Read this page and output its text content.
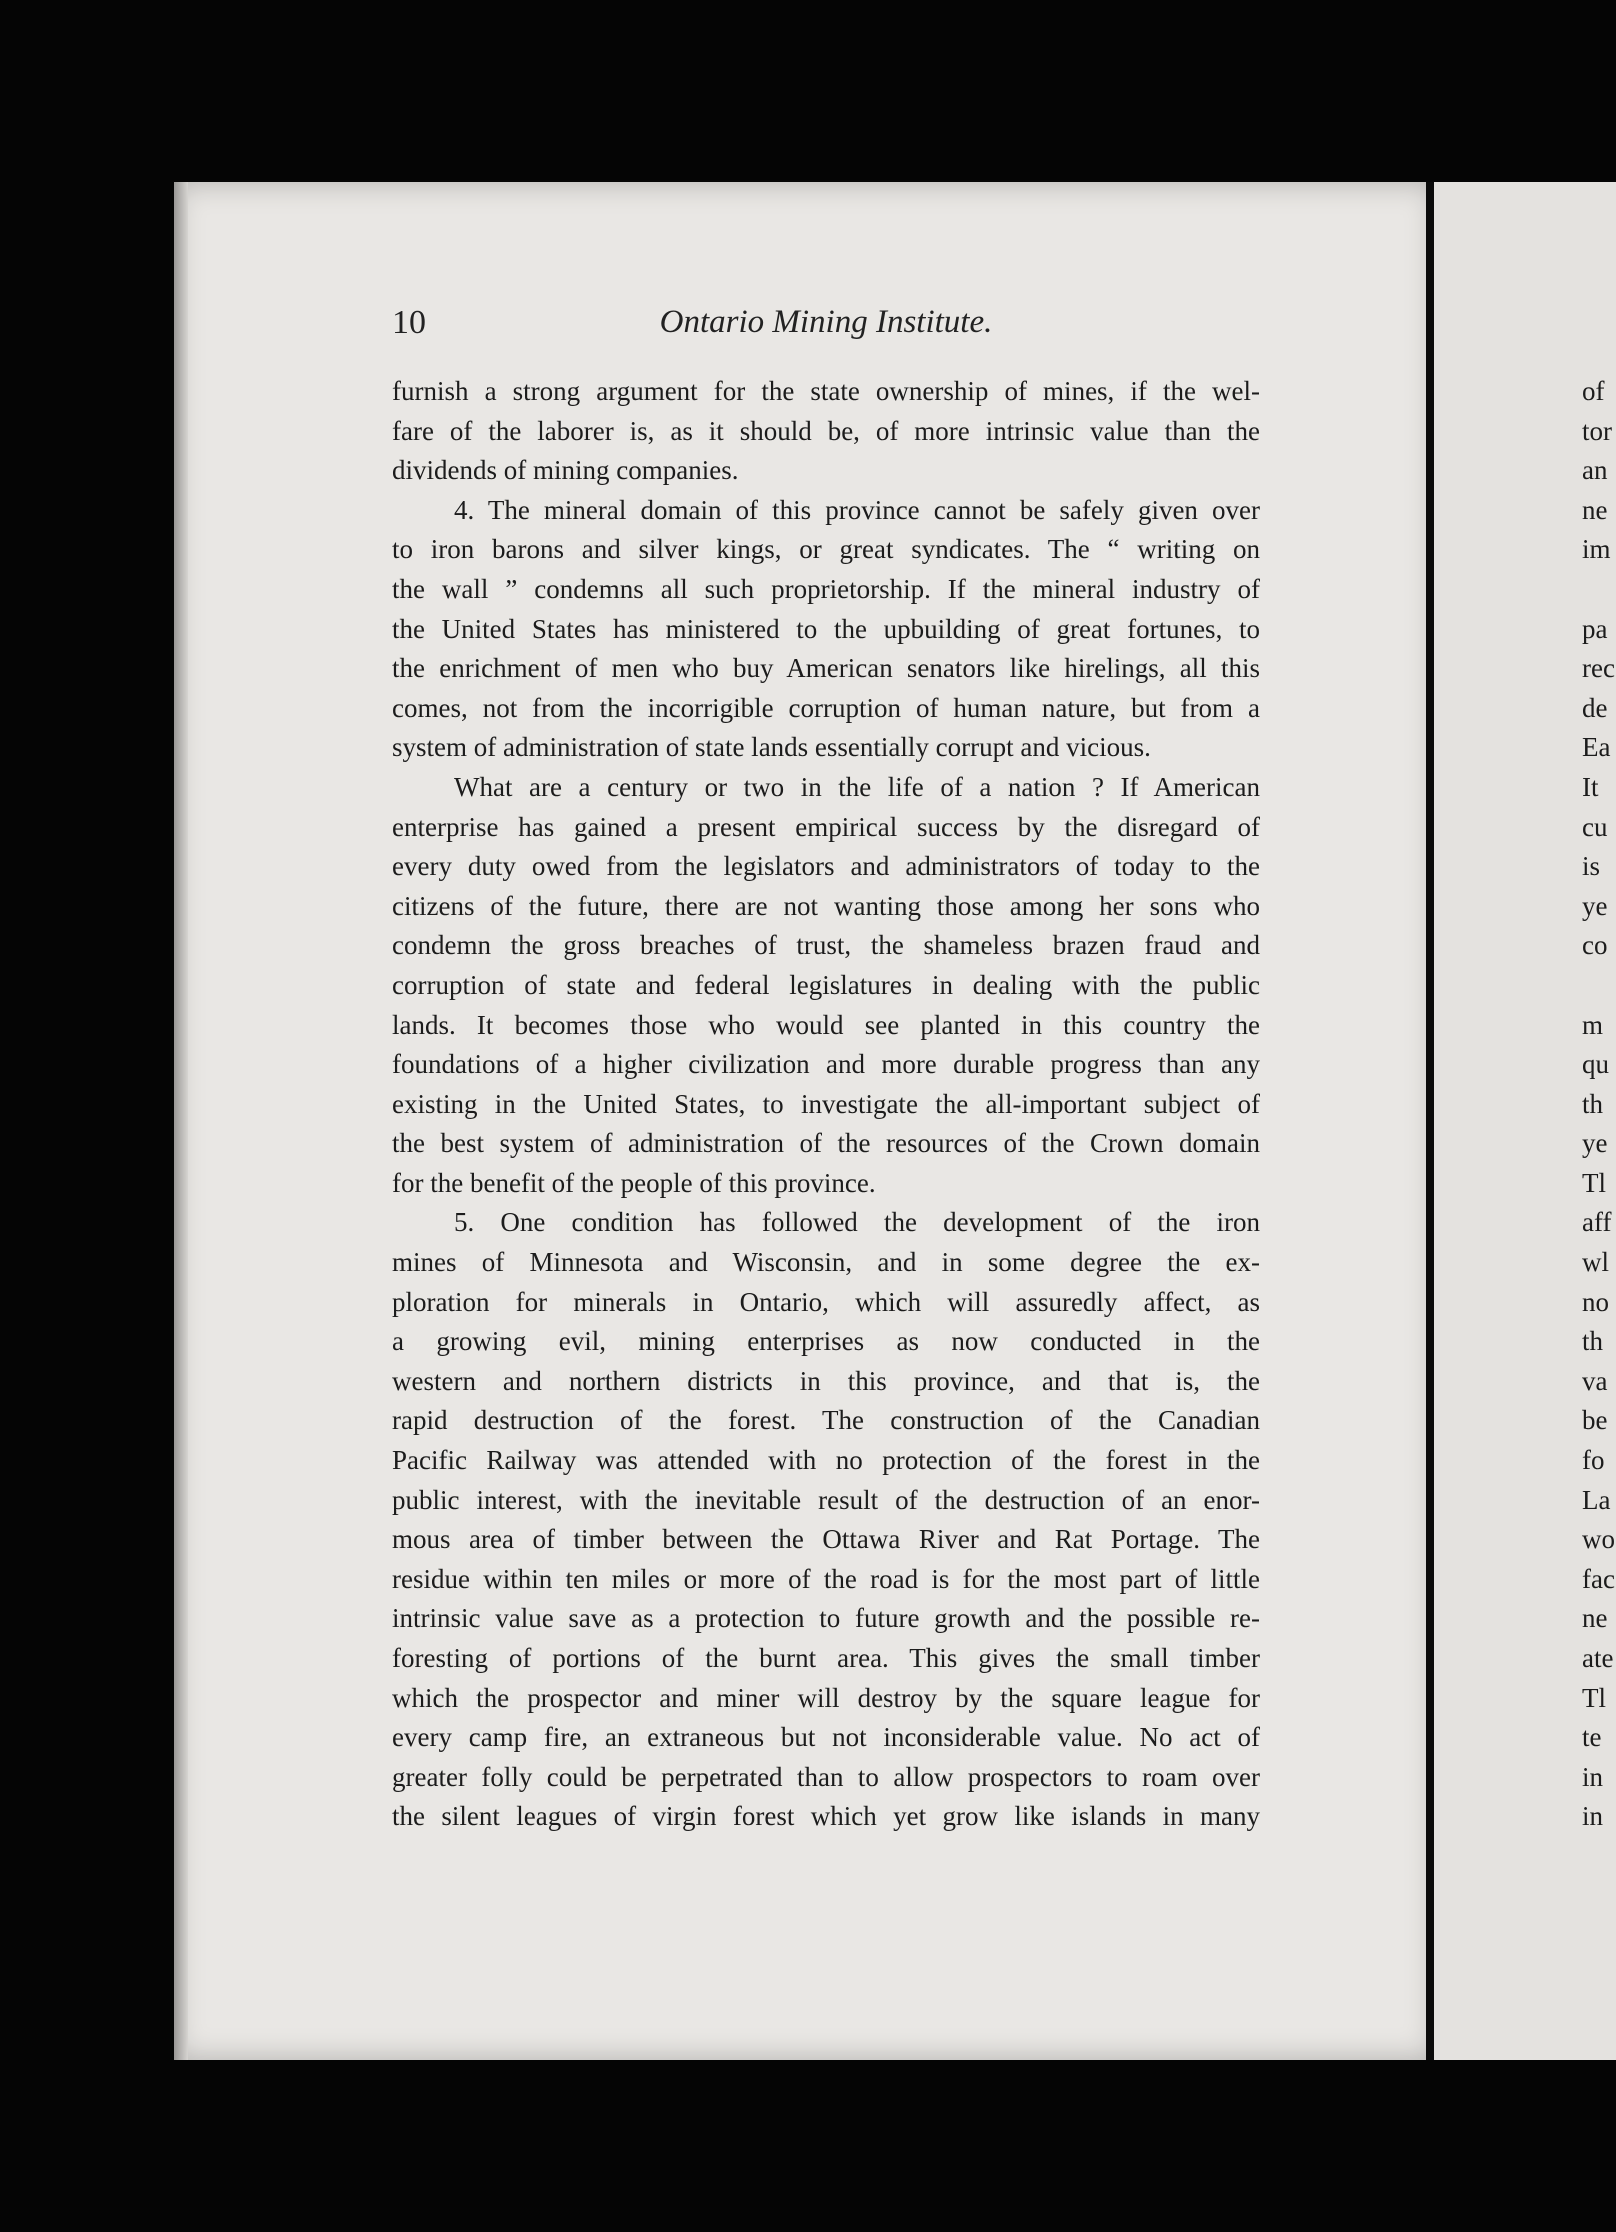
10	Ontario Mining Institute.
furnish a strong argument for the state ownership of mines, if the wel-
fare of the laborer is, as it should be, of more intrinsic value than the
dividends of mining companies.
4. The mineral domain of this province cannot be safely given over
to iron barons and silver kings, or great syndicates. The “ writing on
the wall ” condemns all such proprietorship. If the mineral industry of
the United States has ministered to the upbuilding of great fortunes, to
the enrichment of men who buy American senators like hirelings, all this
comes, not from the incorrigible corruption of human nature, but from a
system of administration of state lands essentially corrupt and vicious.
What are a century or two in the life of a nation ? If American
enterprise has gained a present empirical success by the disregard of
every duty owed from the legislators and administrators of today to the
citizens of the future, there are not wanting those among her sons who
condemn the gross breaches of trust, the shameless brazen fraud and
corruption of state and federal legislatures in dealing with the public
lands. It becomes those who would see planted in this country the
foundations of a higher civilization and more durable progress than any
existing in the United States, to investigate the all-important subject of
the best system of administration of the resources of the Crown domain
for the benefit of the people of this province.
5. One condition has followed the development of the iron
mines of Minnesota and Wisconsin, and in some degree the ex-
ploration for minerals in Ontario, which will assuredly affect, as
a growing evil, mining enterprises as now conducted in the
western and northern districts in this province, and that is, the
rapid destruction of the forest. The construction of the Canadian
Pacific Railway was attended with no protection of the forest in the
public interest, with the inevitable result of the destruction of an enor-
mous area of timber between the Ottawa River and Rat Portage. The
residue within ten miles or more of the road is for the most part of little
intrinsic value save as a protection to future growth and the possible re-
foresting of portions of the burnt area. This gives the small timber
which the prospector and miner will destroy by the square league for
every camp fire, an extraneous but not inconsiderable value. No act of
greater folly could be perpetrated than to allow prospectors to roam over
the silent leagues of virgin forest which yet grow like islands in many
of
tor
an
ne
im
pa
rec
de
Ea
It
cu
is
ye
co
m
qu
th
ye
Tl
aff
wl
no
th
va
be
fo
La
wo
fac
ne
ate
Tl
te
in
in
